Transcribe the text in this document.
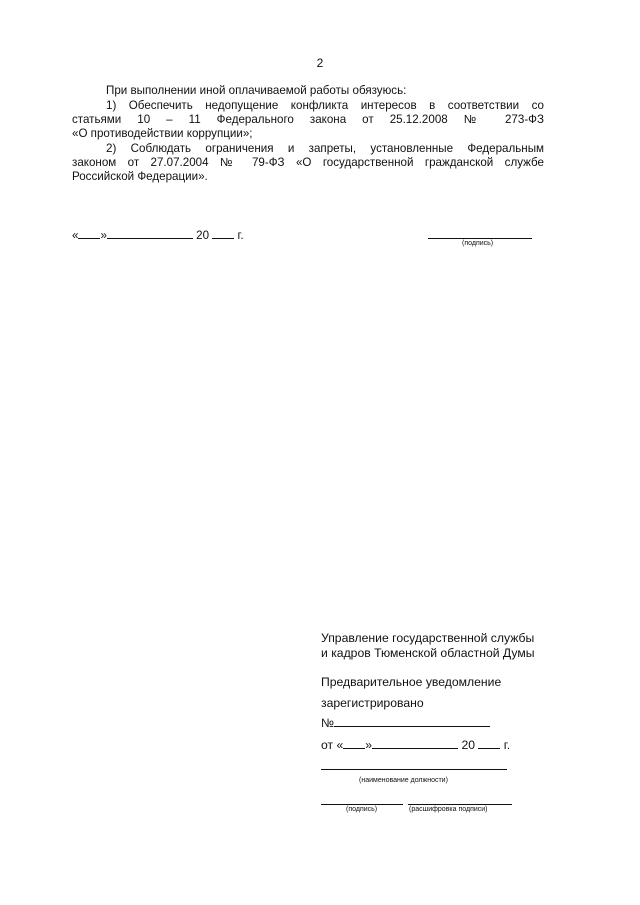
2
При выполнении иной оплачиваемой работы обязуюсь:
1) Обеспечить недопущение конфликта интересов в соответствии со
статьями 10 – 11 Федерального закона от 25.12.2008 № 273-ФЗ
«О противодействии коррупции»;
2) Соблюдать ограничения и запреты, установленные Федеральным
законом от 27.07.2004 № 79-ФЗ «О государственной гражданской службе
Российской Федерации».
« »	20 г.
(подпись)
Управление государственной службы
и кадров Тюменской областной Думы
Предварительное уведомление
зарегистрировано
№
от « »	20 г.
(наименование должности)
(подпись)	(расшифровка подписи)
